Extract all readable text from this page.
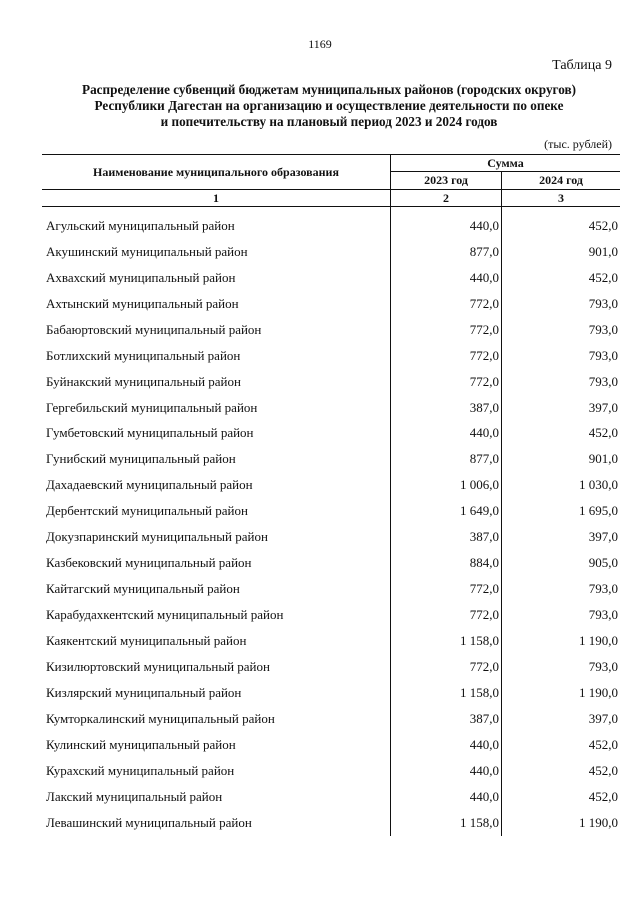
1169
Таблица 9
Распределение субвенций бюджетам муниципальных районов (городских округов)
Республики Дагестан на организацию и осуществление деятельности по опеке
и попечительству на плановый период 2023 и 2024 годов
(тыс. рублей)
Наименование муниципального образования	Сумма	
	2023 год	2024 год
1	2	3
Агульский муниципальный район	440,0	452,0
Акушинский муниципальный район	877,0	901,0
Ахвахский муниципальный район	440,0	452,0
Ахтынский муниципальный район	772,0	793,0
Бабаюртовский муниципальный район	772,0	793,0
Ботлихский муниципальный район	772,0	793,0
Буйнакский муниципальный район	772,0	793,0
Гергебильский муниципальный район	387,0	397,0
Гумбетовский муниципальный район	440,0	452,0
Гунибский муниципальный район	877,0	901,0
Дахадаевский муниципальный район	1 006,0	1 030,0
Дербентский муниципальный район	1 649,0	1 695,0
Докузпаринский муниципальный район	387,0	397,0
Казбековский муниципальный район	884,0	905,0
Кайтагский муниципальный район	772,0	793,0
Карабудахкентский муниципальный район	772,0	793,0
Каякентский муниципальный район	1 158,0	1 190,0
Кизилюртовский муниципальный район	772,0	793,0
Кизлярский муниципальный район	1 158,0	1 190,0
Кумторкалинский муниципальный район	387,0	397,0
Кулинский муниципальный район	440,0	452,0
Курахский муниципальный район	440,0	452,0
Лакский муниципальный район	440,0	452,0
Левашинский муниципальный район	1 158,0	1 190,0
